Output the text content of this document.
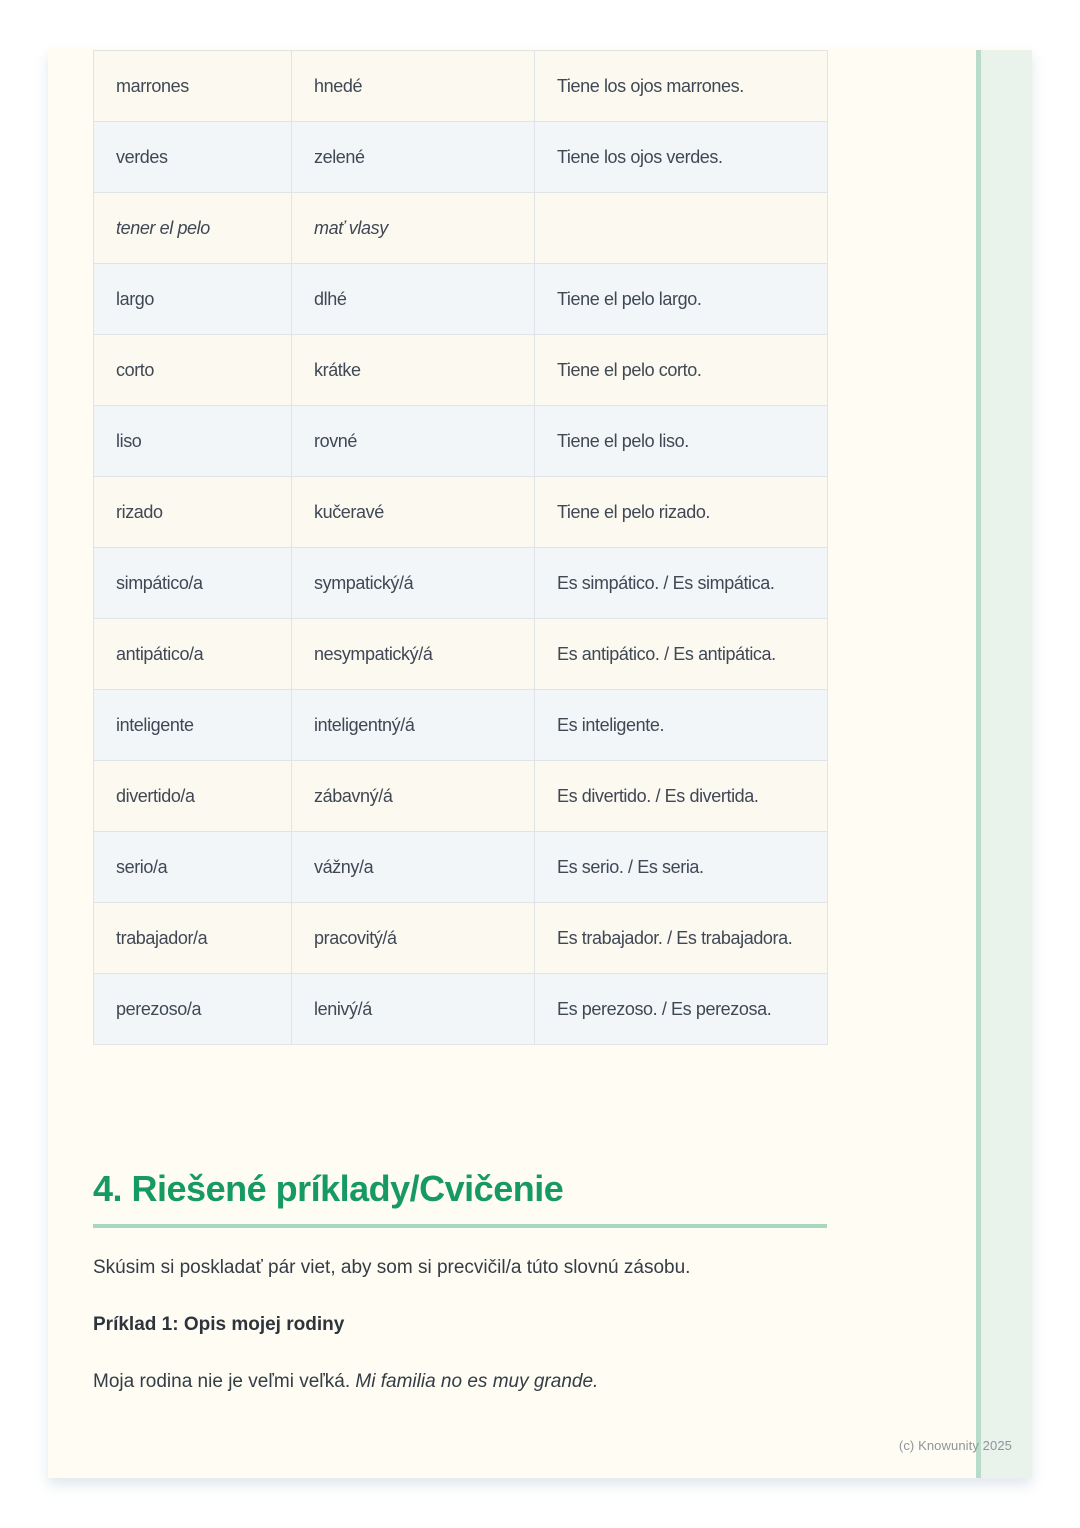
marrones	hnedé	Tiene los ojos marrones.
verdes	zelené	Tiene los ojos verdes.
tener el pelo	mať vlasy	
largo	dlhé	Tiene el pelo largo.
corto	krátke	Tiene el pelo corto.
liso	rovné	Tiene el pelo liso.
rizado	kučeravé	Tiene el pelo rizado.
simpático/a	sympatický/á	Es simpático. / Es simpática.
antipático/a	nesympatický/á	Es antipático. / Es antipática.
inteligente	inteligentný/á	Es inteligente.
divertido/a	zábavný/á	Es divertido. / Es divertida.
serio/a	vážny/a	Es serio. / Es seria.
trabajador/a	pracovitý/á	Es trabajador. / Es trabajadora.
perezoso/a	lenivý/á	Es perezoso. / Es perezosa.
4. Riešené príklady/Cvičenie
Skúsim si poskladať pár viet, aby som si precvičil/a túto slovnú zásobu.
Príklad 1: Opis mojej rodiny
Moja rodina nie je veľmi veľká. Mi familia no es muy grande.
(c) Knowunity 2025
